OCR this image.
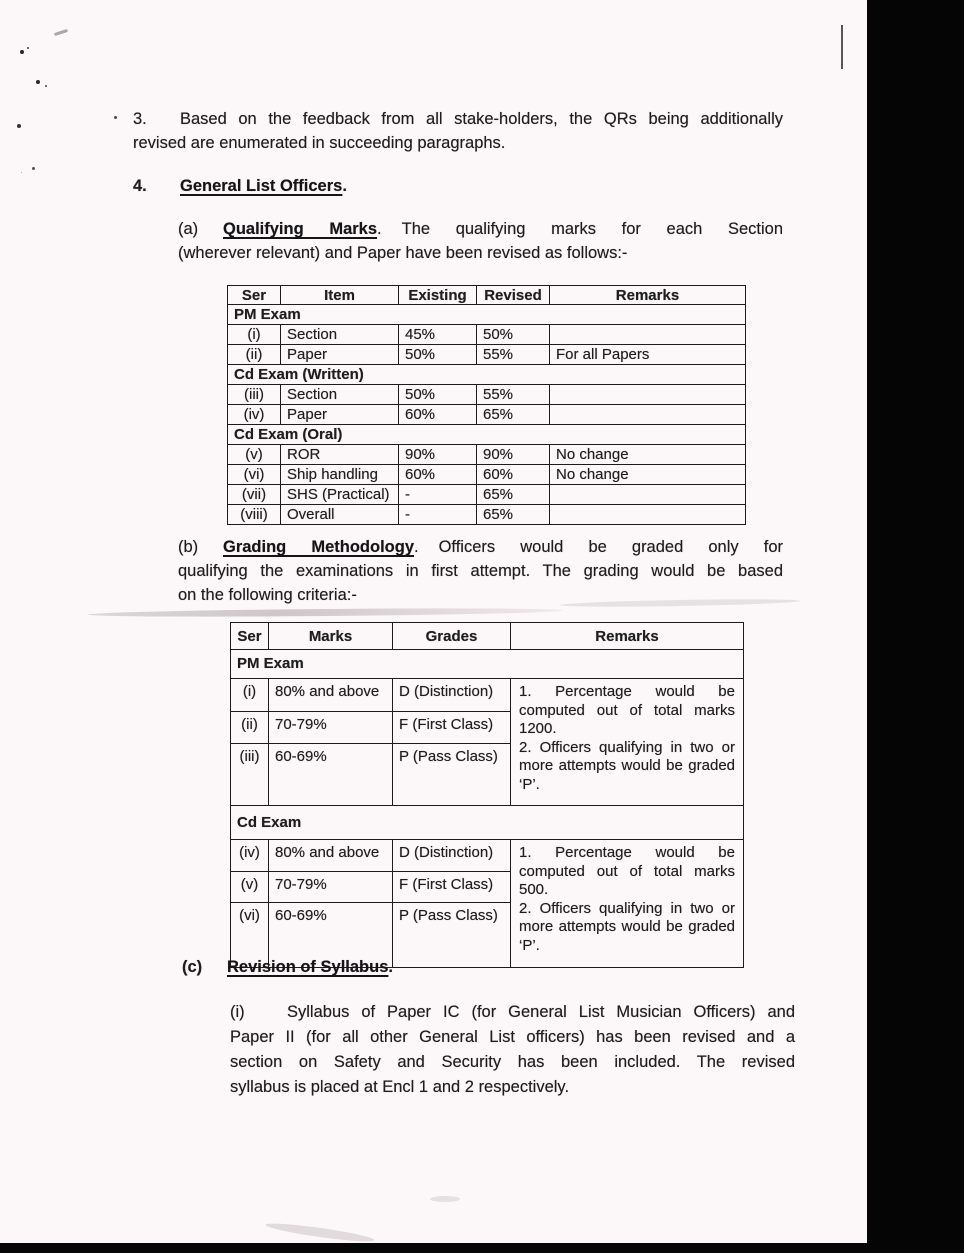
3. Based on the feedback from all stake-holders, the QRs being additionally
revised are enumerated in succeeding paragraphs.
4. General List Officers.
(a) Qualifying Marks. The qualifying marks for each Section
(wherever relevant) and Paper have been revised as follows:-
Ser	Item	Existing	Revised	Remarks
PM Exam				
(i)	Section	45%	50%	
(ii)	Paper	50%	55%	For all Papers
Cd Exam (Written)				
(iii)	Section	50%	55%	
(iv)	Paper	60%	65%	
Cd Exam (Oral)				
(v)	ROR	90%	90%	No change
(vi)	Ship handling	60%	60%	No change
(vii)	SHS (Practical)	-	65%	
(viii)	Overall	-	65%	
(b) Grading Methodology. Officers would be graded only for
qualifying the examinations in first attempt. The grading would be based
on the following criteria:-
Ser	Marks	Grades	Remarks
PM Exam			
(i)	80% and above	D (Distinction)	1. Percentage would be computed out of total marks 1200.

2. Officers qualifying in two or more attempts would be graded ‘P’.

(ii)	70-79%	F (First Class)	
(iii)	60-69%	P (Pass Class)	
Cd Exam			
(iv)	80% and above	D (Distinction)	1. Percentage would be computed out of total marks 500.

2. Officers qualifying in two or more attempts would be graded ‘P’.

(v)	70-79%	F (First Class)	
(vi)	60-69%	P (Pass Class)	
(c) Revision of Syllabus.
(i)	Syllabus of Paper IC (for General List Musician Officers) and
Paper II (for all other General List officers) has been revised and a
section on Safety and Security has been included. The revised
syllabus is placed at Encl 1 and 2 respectively.
